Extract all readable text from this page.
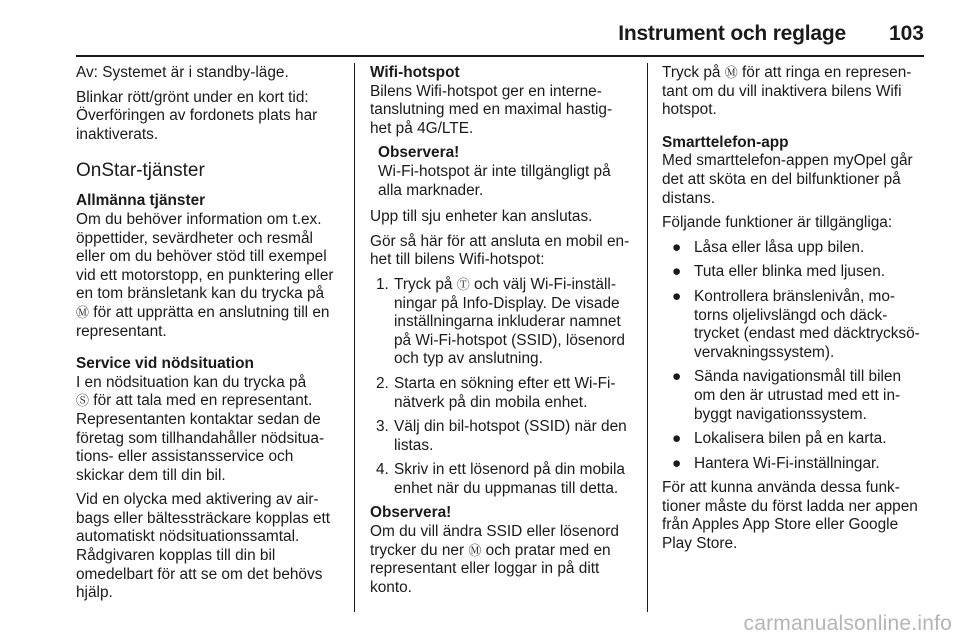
Instrument och reglage 103

Av: Systemet är i standby-läge.

Blinkar rött/grönt under en kort tid:
Överföringen av fordonets plats har
inaktiverats.

OnStar-tjänster
Allmänna tjänster

Om du behöver information om t.ex.
öppettider, sevärdheter och resmål
eller om du behöver stöd till exempel
vid ett motorstopp, en punktering eller
en tom bränsletank kan du trycka på
Ⓜ för att upprätta en anslutning till en
representant.

Service vid nödsituation

I en nödsituation kan du trycka på
Ⓢ för att tala med en representant.
Representanten kontaktar sedan de
företag som tillhandahåller nödsitua-
tions- eller assistansservice och
skickar dem till din bil.

Vid en olycka med aktivering av air-
bags eller bältessträckare kopplas ett
automatiskt nödsituationssamtal.
Rådgivaren kopplas till din bil
omedelbart för att se om det behövs
hjälp.

Wifi-hotspot

Bilens Wifi-hotspot ger en interne-
tanslutning med en maximal hastig-
het på 4G/LTE.

Observera!
Wi-Fi-hotspot är inte tillgängligt på
alla marknader.

Upp till sju enheter kan anslutas.

Gör så här för att ansluta en mobil en-
het till bilens Wifi-hotspot:

1. Tryck på Ⓣ och välj Wi-Fi-inställ-
ningar på Info-Display. De visade
inställningarna inkluderar namnet
på Wi-Fi-hotspot (SSID), lösenord
och typ av anslutning.
2. Starta en sökning efter ett Wi-Fi-
nätverk på din mobila enhet.
3. Välj din bil-hotspot (SSID) när den
listas.
4. Skriv in ett lösenord på din mobila
enhet när du uppmanas till detta.
Observera!
Om du vill ändra SSID eller lösenord
trycker du ner Ⓜ och pratar med en
representant eller loggar in på ditt
konto.

Tryck på Ⓜ för att ringa en represen-
tant om du vill inaktivera bilens Wifi
hotspot.

Smarttelefon-app

Med smarttelefon-appen myOpel går
det att sköta en del bilfunktioner på
distans.

Följande funktioner är tillgängliga:

● Låsa eller låsa upp bilen.
● Tuta eller blinka med ljusen.
● Kontrollera bränslenivån, mo-
torns oljelivslängd och däck-
trycket (endast med däcktrycksö-
vervakningssystem).
● Sända navigationsmål till bilen
om den är utrustad med ett in-
byggt navigationssystem.
● Lokalisera bilen på en karta.
● Hantera Wi-Fi-inställningar.

För att kunna använda dessa funk-
tioner måste du först ladda ner appen
från Apples App Store eller Google
Play Store.

carmanualsonline.info
